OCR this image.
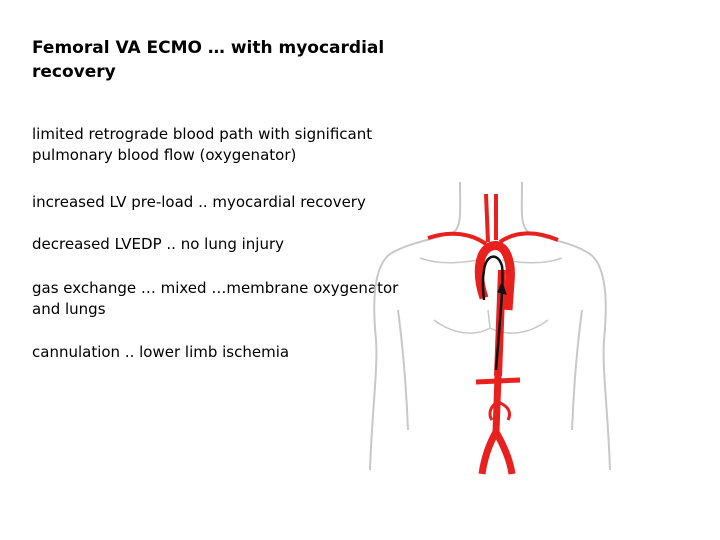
Femoral VA ECMO … with myocardial
recovery
limited retrograde blood path with significant
pulmonary blood flow (oxygenator)
increased LV pre-load .. myocardial recovery
decreased LVEDP .. no lung injury
gas exchange … mixed …membrane oxygenator
and lungs
cannulation .. lower limb ischemia
